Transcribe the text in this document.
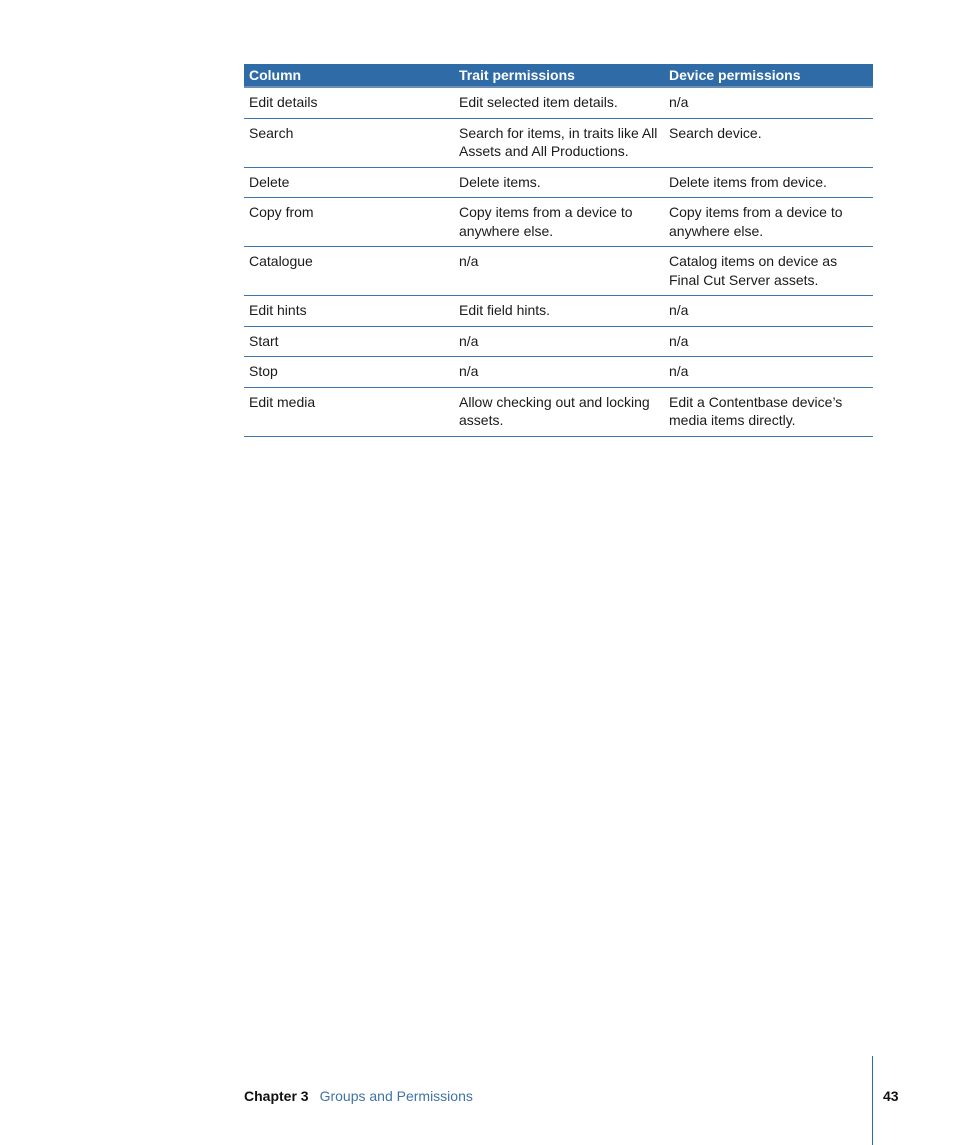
Column	Trait permissions	Device permissions
Edit details	Edit selected item details.	n/a
Search	Search for items, in traits like All Assets and All Productions.	Search device.
Delete	Delete items.	Delete items from device.
Copy from	Copy items from a device to anywhere else.	Copy items from a device to anywhere else.
Catalogue	n/a	Catalog items on device as Final Cut Server assets.
Edit hints	Edit field hints.	n/a
Start	n/a	n/a
Stop	n/a	n/a
Edit media	Allow checking out and locking assets.	Edit a Contentbase device’s media items directly.
Chapter 3 Groups and Permissions	43
